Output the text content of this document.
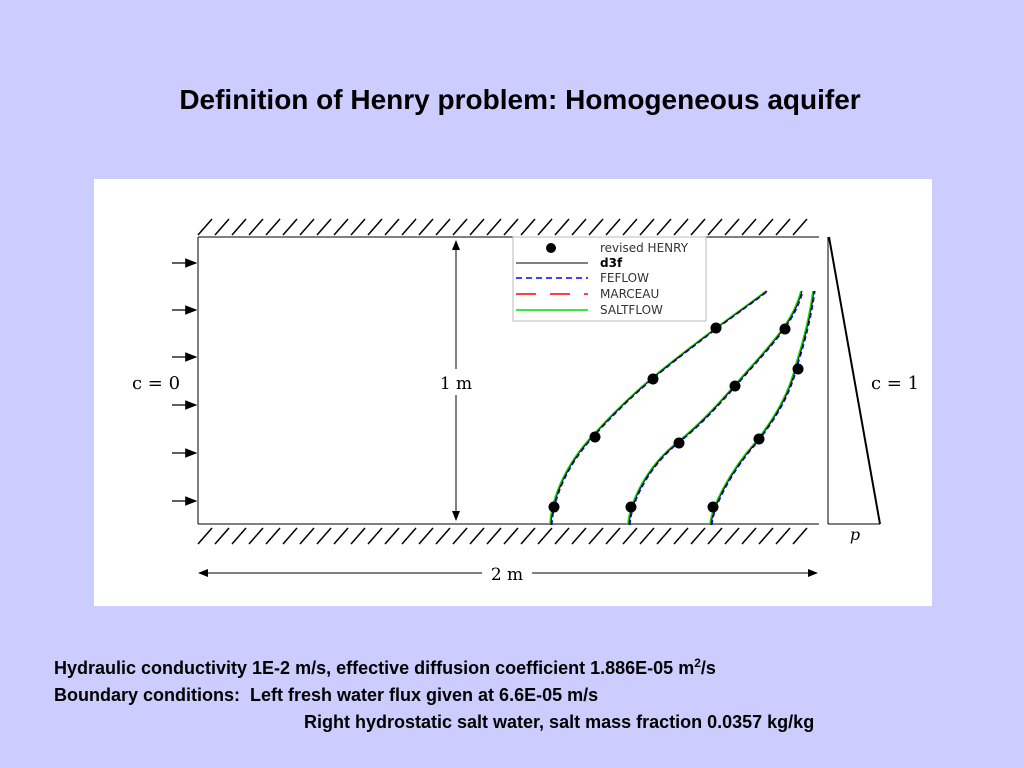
Definition of Henry problem: Homogeneous aquifer
1 m
2 m
c = 0	c = 1
p
revised HENRY
d3f
FEFLOW
MARCEAU
SALTFLOW
Hydraulic conductivity 1E-2 m/s, effective diffusion coefficient 1.886E-05 $m^2/s$
Boundary conditions:  Left fresh water flux given at 6.6E-05 m/s
Right hydrostatic salt water, salt mass fraction 0.0357 kg/kg
